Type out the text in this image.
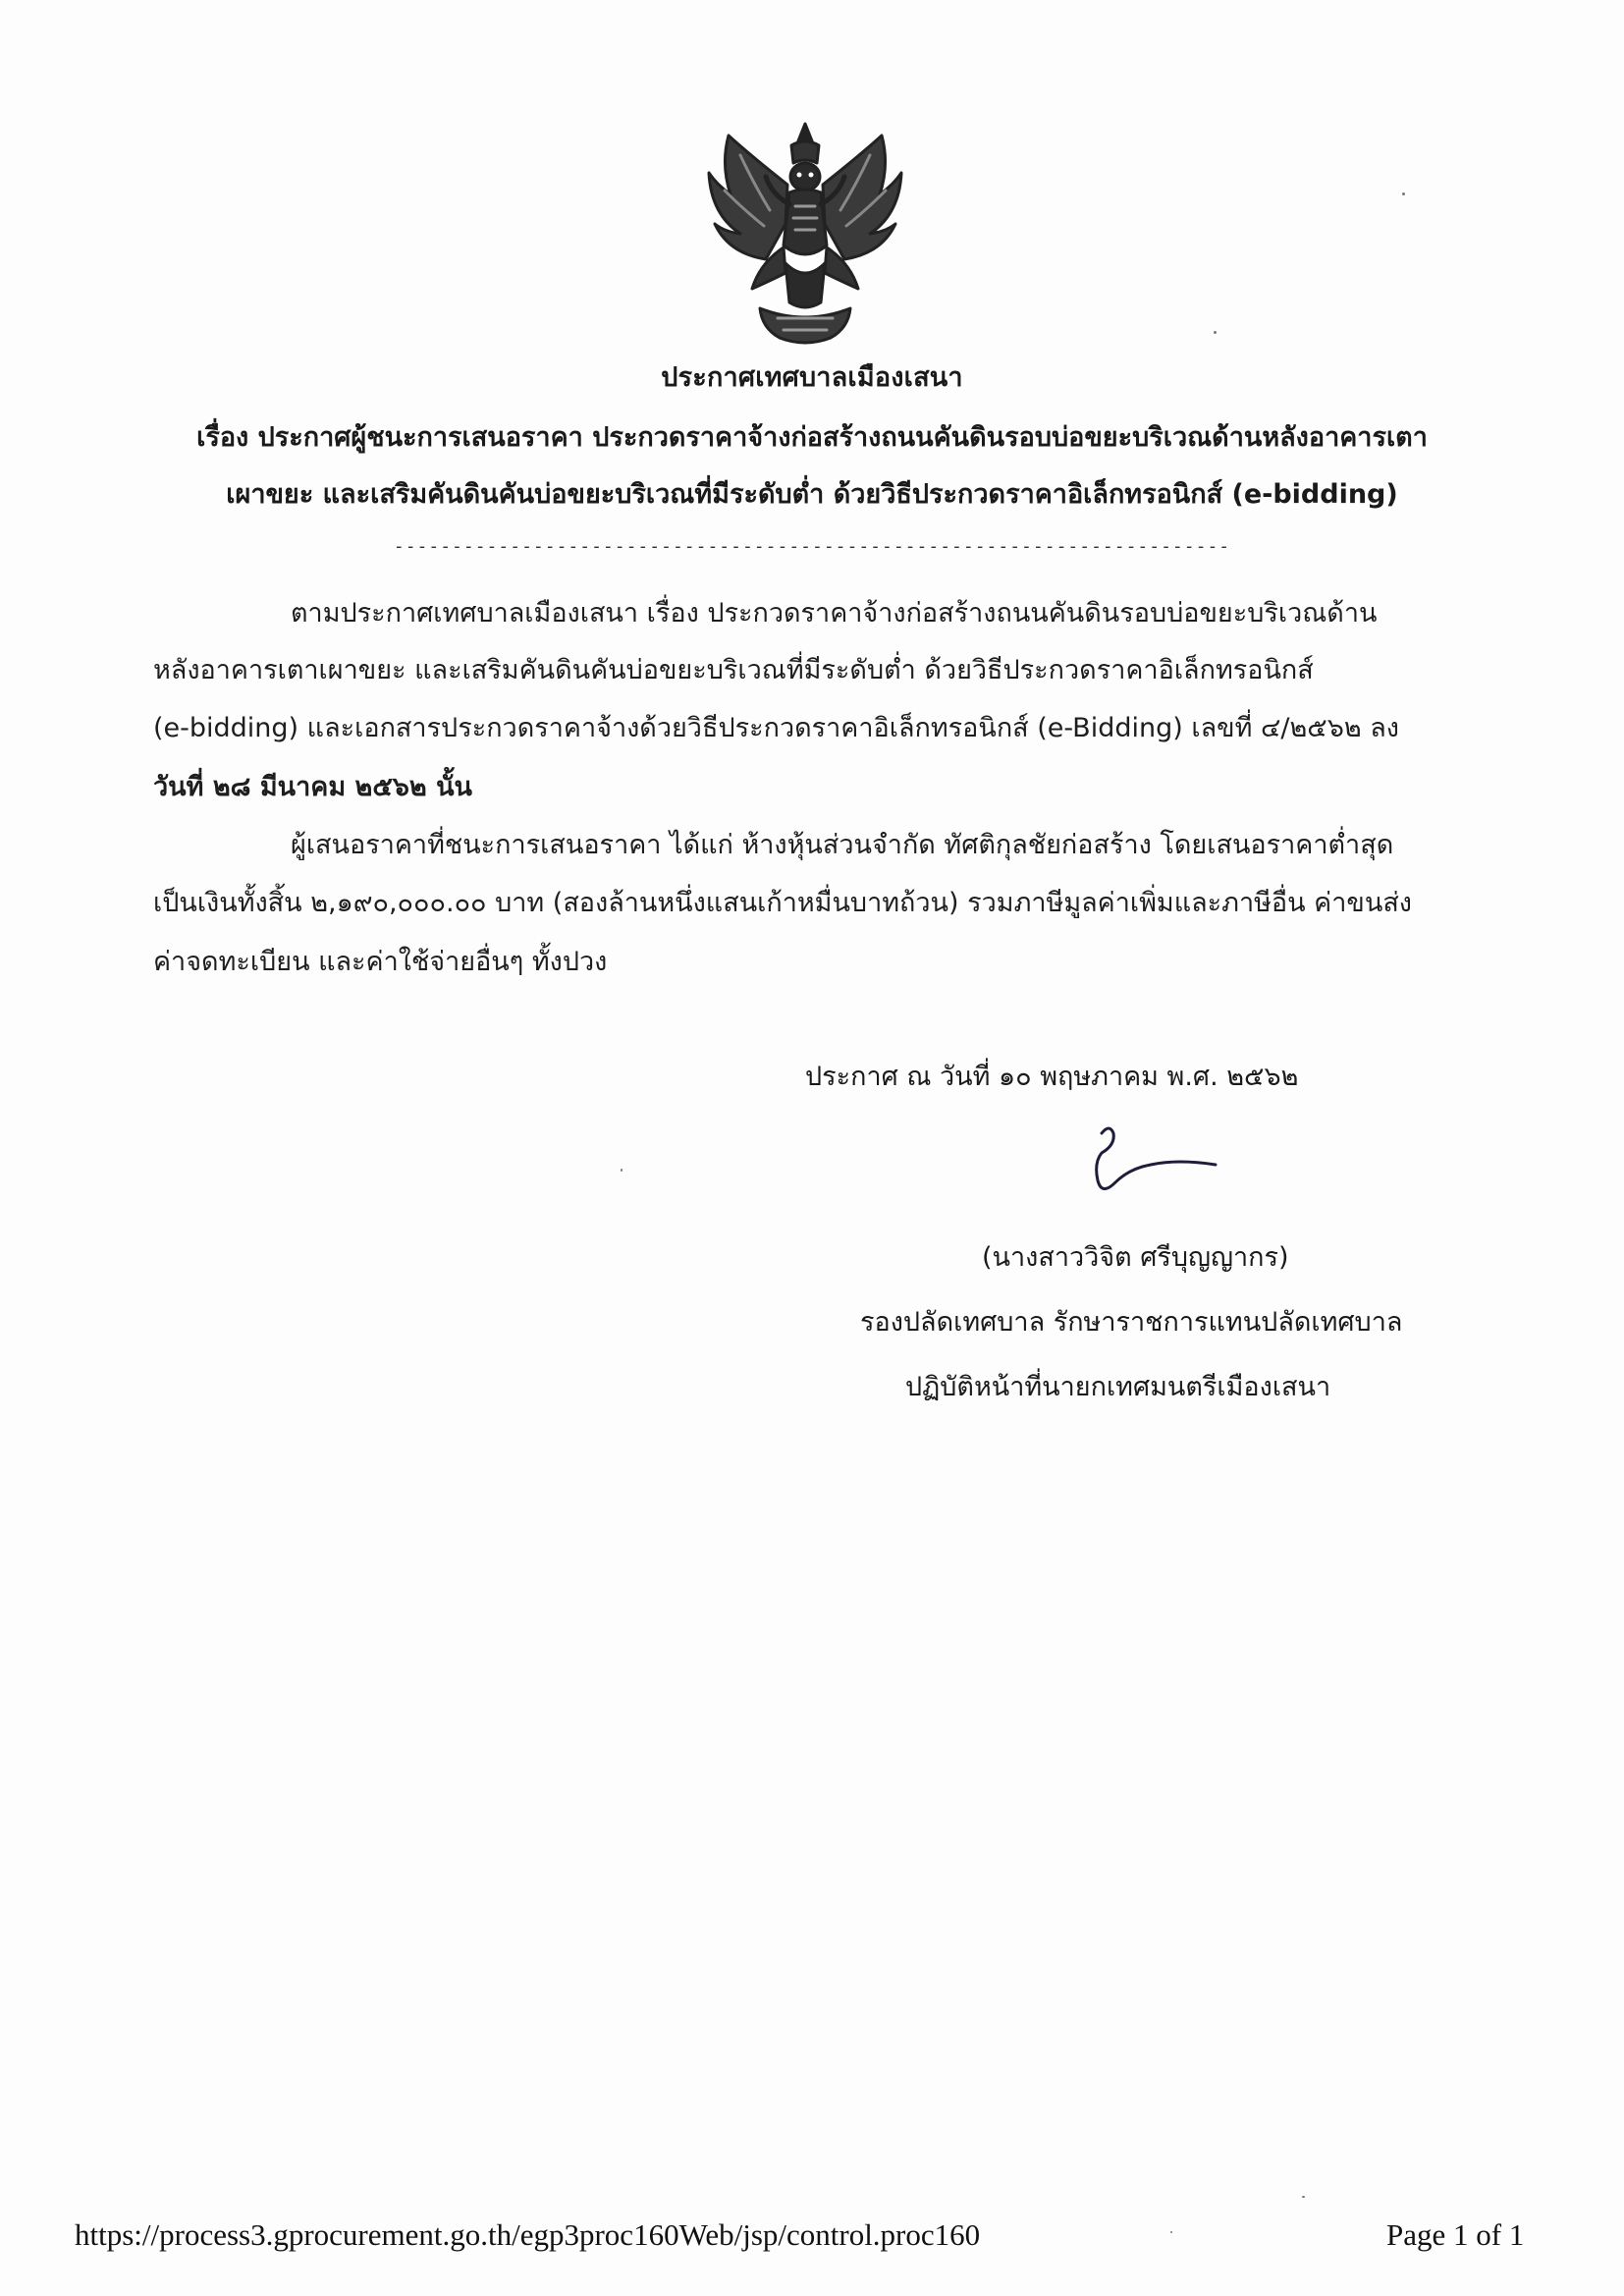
ประกาศเทศบาลเมืองเสนา
เรื่อง ประกาศผู้ชนะการเสนอราคา ประกวดราคาจ้างก่อสร้างถนนคันดินรอบบ่อขยะบริเวณด้านหลังอาคารเตา
เผาขยะ และเสริมคันดินคันบ่อขยะบริเวณที่มีระดับต่ำ ด้วยวิธีประกวดราคาอิเล็กทรอนิกส์ (e-bidding)
------------------------------------------------------------------------
ตามประกาศเทศบาลเมืองเสนา เรื่อง ประกวดราคาจ้างก่อสร้างถนนคันดินรอบบ่อขยะบริเวณด้าน
หลังอาคารเตาเผาขยะ และเสริมคันดินคันบ่อขยะบริเวณที่มีระดับต่ำ ด้วยวิธีประกวดราคาอิเล็กทรอนิกส์
(e-bidding) และเอกสารประกวดราคาจ้างด้วยวิธีประกวดราคาอิเล็กทรอนิกส์ (e-Bidding) เลขที่ ๔/๒๕๖๒ ลง
วันที่ ๒๘ มีนาคม ๒๕๖๒ นั้น
ผู้เสนอราคาที่ชนะการเสนอราคา ได้แก่ ห้างหุ้นส่วนจำกัด ทัศติกุลชัยก่อสร้าง โดยเสนอราคาต่ำสุด
เป็นเงินทั้งสิ้น ๒,๑๙๐,๐๐๐.๐๐ บาท (สองล้านหนึ่งแสนเก้าหมื่นบาทถ้วน) รวมภาษีมูลค่าเพิ่มและภาษีอื่น ค่าขนส่ง
ค่าจดทะเบียน และค่าใช้จ่ายอื่นๆ ทั้งปวง
ประกาศ ณ วันที่ ๑๐ พฤษภาคม พ.ศ. ๒๕๖๒
(นางสาววิจิต ศรีบุญญากร)
รองปลัดเทศบาล รักษาราชการแทนปลัดเทศบาล
ปฏิบัติหน้าที่นายกเทศมนตรีเมืองเสนา
https://process3.gprocurement.go.th/egp3proc160Web/jsp/control.proc160	Page 1 of 1
